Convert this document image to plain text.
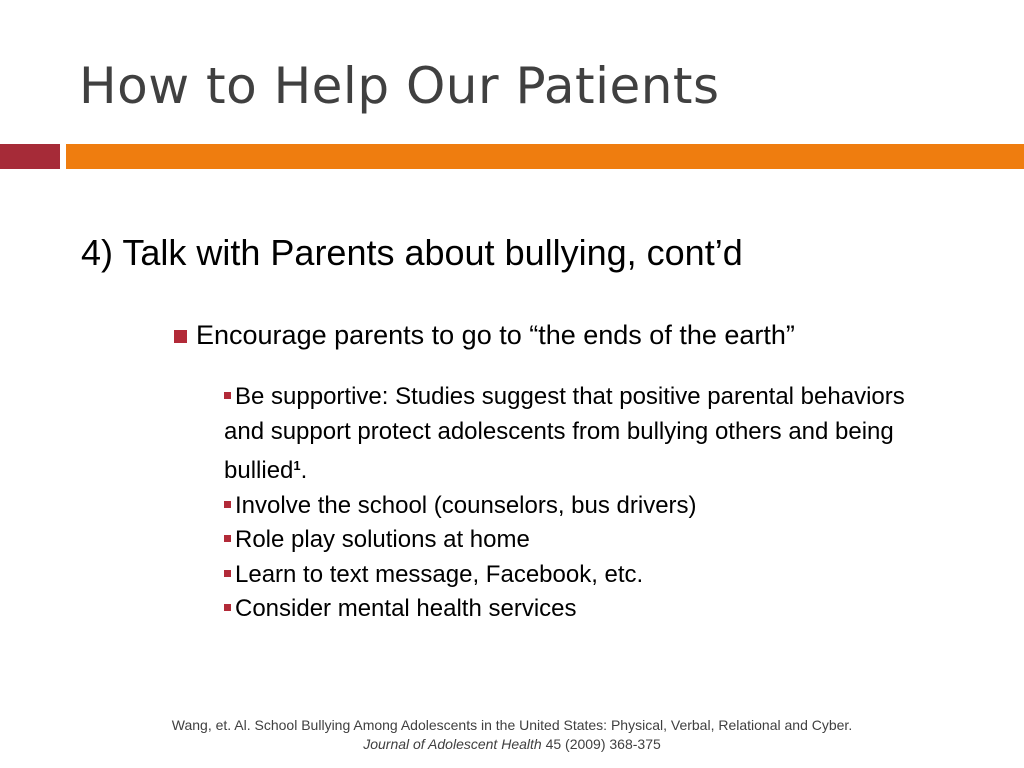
How to Help Our Patients
4) Talk with Parents about bullying, cont’d
Encourage parents to go to “the ends of the earth”

Be supportive: Studies suggest that positive parental behaviors and support protect adolescents from bullying others and being bullied$^1$.

Involve the school (counselors, bus drivers)

Role play solutions at home

Learn to text message, Facebook, etc.

Consider mental health services

Wang, et. Al. School Bullying Among Adolescents in the United States: Physical, Verbal, Relational and Cyber.
Journal of Adolescent Health 45 (2009) 368-375
